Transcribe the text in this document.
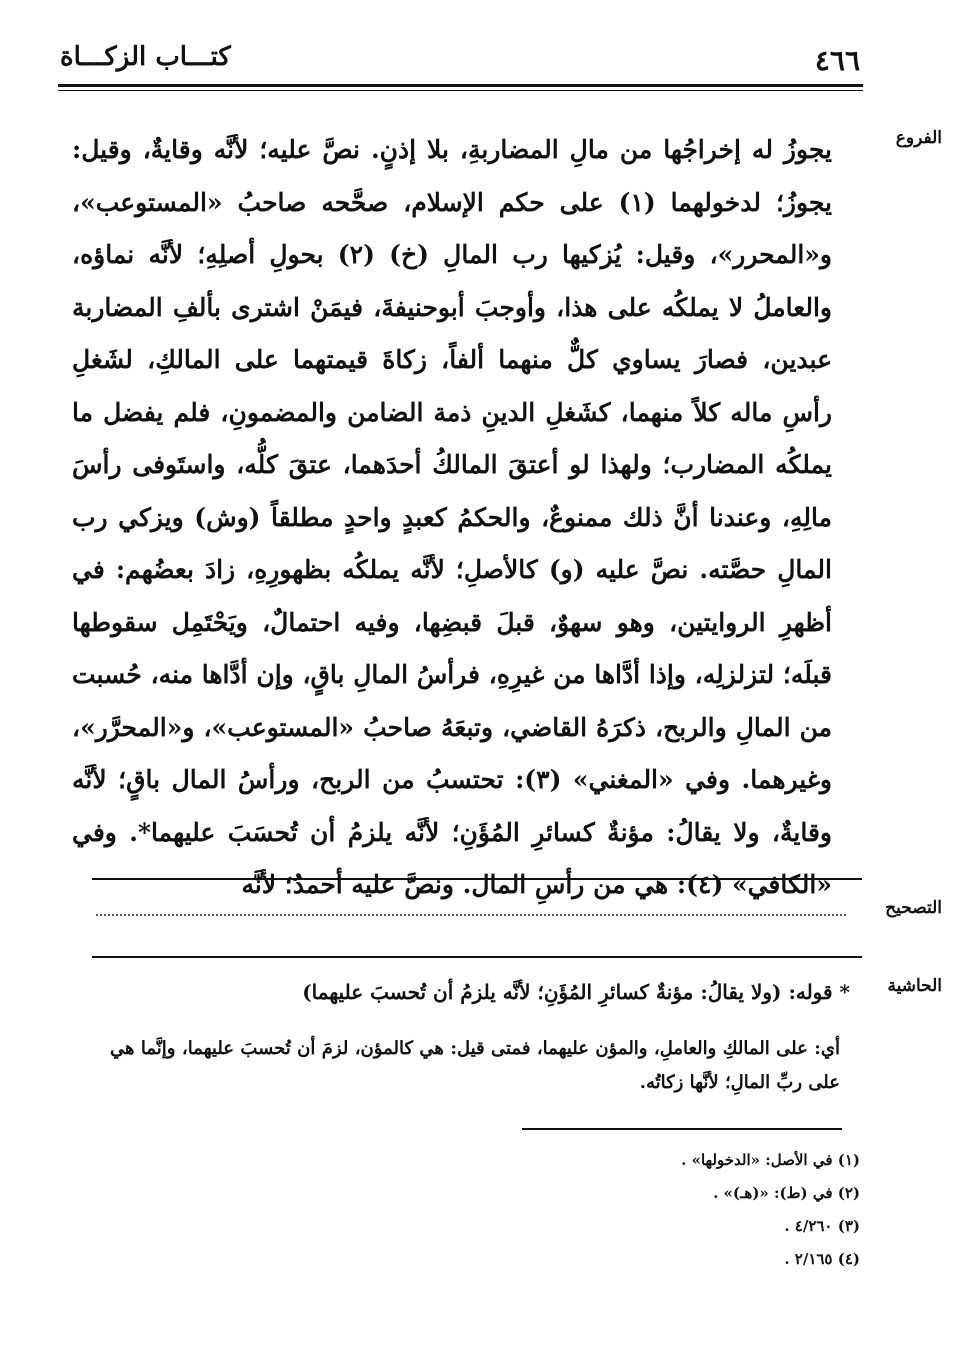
٤٦٦
كتـــاب الزكـــاة
الفروع

يجوزُ له إخراجُها من مالِ المضاربةِ، بلا إذنٍ. نصَّ عليه؛ لأنَّه وقايةٌ، وقيل: يجوزُ؛ لدخولهما (١) على حكم الإسلام، صحَّحه صاحبُ «المستوعب»، و«المحرر»، وقيل: يُزكيها رب المالِ (خ) (٢) بحولِ أصلِهِ؛ لأنَّه نماؤه، والعاملُ لا يملكُه على هذا، وأوجبَ أبوحنيفةَ، فيمَنْ اشترى بألفِ المضاربة عبدين، فصارَ يساوي كلٌّ منهما ألفاً، زكاةَ قيمتهما على المالكِ، لشَغلِ رأسِ ماله كلاً منهما، كشَغلِ الدينِ ذمة الضامن والمضمونِ، فلم يفضل ما يملكُه المضارب؛ ولهذا لو أعتقَ المالكُ أحدَهما، عتقَ كلُّه، واستَوفى رأسَ مالِهِ، وعندنا أنَّ ذلك ممنوعٌ، والحكمُ كعبدٍ واحدٍ مطلقاً (وش) ويزكي رب المالِ حصَّته. نصَّ عليه (و) كالأصلِ؛ لأنَّه يملكُه بظهورِهِ، زادَ بعضُهم: في أظهرِ الروايتين، وهو سهوٌ، قبلَ قبضِها، وفيه احتمالٌ، ويَحْتَمِل سقوطها قبلَه؛ لتزلزلِه، وإذا أدَّاها من غيرِهِ، فرأسُ المالِ باقٍ، وإن أدَّاها منه، حُسبت من المالِ والربح، ذكرَهُ القاضي، وتبعَهُ صاحبُ «المستوعب»، و«المحرَّر»، وغيرهما. وفي «المغني» (٣): تحتسبُ من الربح، ورأسُ المال باقٍ؛ لأنَّه وقايةٌ، ولا يقالُ: مؤنةٌ كسائرِ المُؤَنِ؛ لأنَّه يلزمُ أن تُحسَبَ عليهما*. وفي «الكافي» (٤): هي من رأسِ المال. ونصَّ عليه أحمدُ؛ لأنَّه

التصحيح
الحاشية
* قوله: (ولا يقالُ: مؤنةٌ كسائرِ المُؤَنِ؛ لأنَّه يلزمُ أن تُحسبَ عليهما)

أي: على المالكِ والعاملِ، والمؤن عليهما، فمتى قيل: هي كالمؤن، لزمَ أن تُحسبَ عليهما، وإنَّما هي على ربِّ المالِ؛ لأنَّها زكاتُه.

(١) في الأصل: «الدخولها» .
(٢) في (ط): «(هـ)» .
(٣) ٤/٢٦٠ .
(٤) ٢/١٦٥ .
